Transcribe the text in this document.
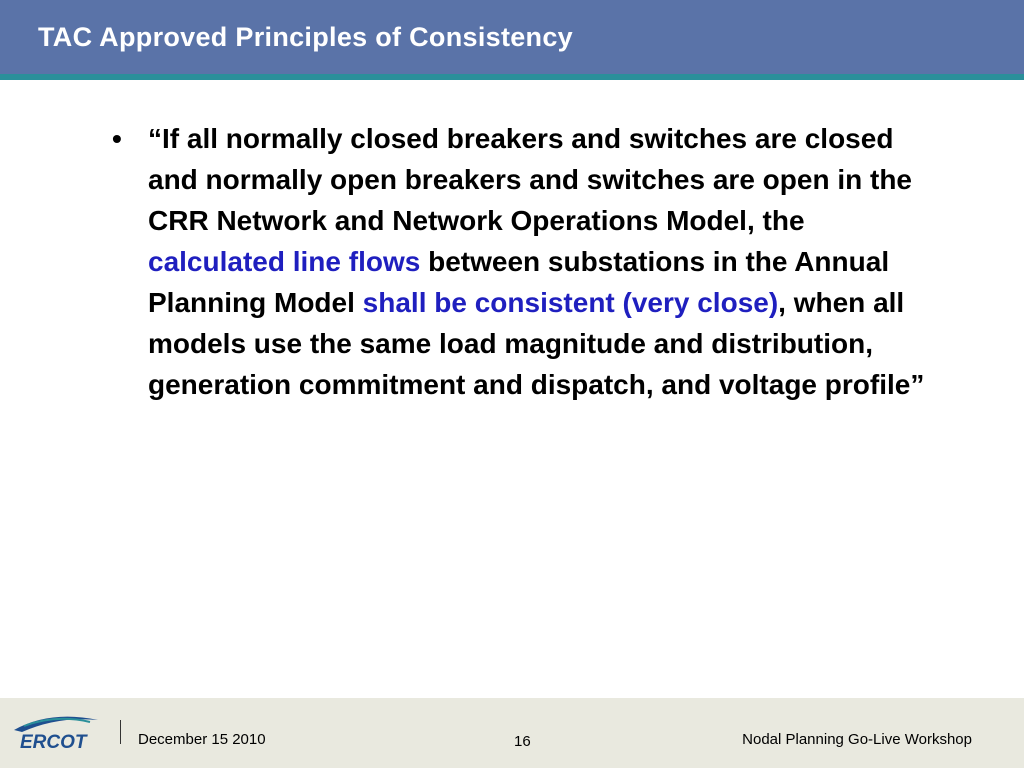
TAC Approved Principles of Consistency
• “If all normally closed breakers and switches are closed and normally open breakers and switches are open in the CRR Network and Network Operations Model, the calculated line flows between substations in the Annual Planning Model shall be consistent (very close), when all models use the same load magnitude and distribution, generation commitment and dispatch, and voltage profile”
ERCOT	December 15 2010	16	Nodal Planning Go-Live Workshop
